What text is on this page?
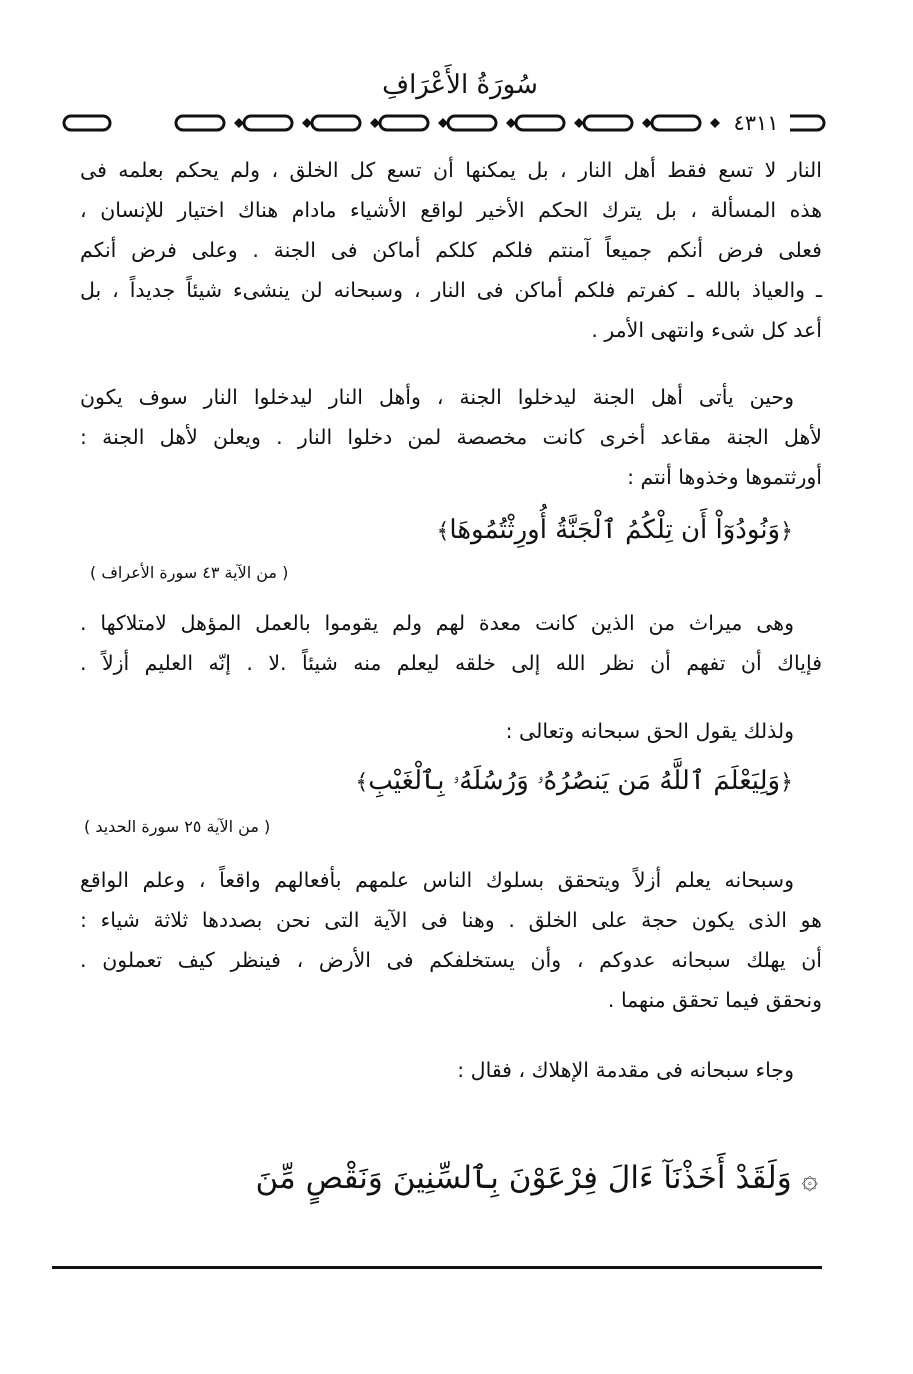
سُورَةُ الأَعْرَافِ
٤٣١١
النار لا تسع فقط أهل النار ، بل يمكنها أن تسع كل الخلق ، ولم يحكم بعلمه فى
هذه المسألة ، بل يترك الحكم الأخير لواقع الأشياء مادام هناك اختيار للإنسان ،
فعلى فرض أنكم جميعاً آمنتم فلكم كلكم أماكن فى الجنة . وعلى فرض أنكم
ـ والعياذ بالله ـ كفرتم فلكم أماكن فى النار ، وسبحانه لن ينشىء شيئاً جديداً ، بل
أعد كل شىء وانتهى الأمر .
وحين يأتى أهل الجنة ليدخلوا الجنة ، وأهل النار ليدخلوا النار سوف يكون
لأهل الجنة مقاعد أخرى كانت مخصصة لمن دخلوا النار . ويعلن لأهل الجنة :
أورثتموها وخذوها أنتم :
﴿وَنُودُوٓاْ أَن تِلْكُمُ ٱلْجَنَّةُ أُورِثْتُمُوهَا﴾
( من الآية ٤٣ سورة الأعراف )
وهى ميراث من الذين كانت معدة لهم ولم يقوموا بالعمل المؤهل لامتلاكها .
فإياك أن تفهم أن نظر الله إلى خلقه ليعلم منه شيئاً .لا . إنّه العليم أزلاً .
ولذلك يقول الحق سبحانه وتعالى :
﴿وَلِيَعْلَمَ ٱللَّهُ مَن يَنصُرُهُۥ وَرُسُلَهُۥ بِٱلْغَيْبِ﴾
( من الآية ٢٥ سورة الحديد )
وسبحانه يعلم أزلاً ويتحقق بسلوك الناس علمهم بأفعالهم واقعاً ، وعلم الواقع
هو الذى يكون حجة على الخلق . وهنا فى الآية التى نحن بصددها ثلاثة شياء :
أن يهلك سبحانه عدوكم ، وأن يستخلفكم فى الأرض ، فينظر كيف تعملون .
ونحقق فيما تحقق منهما .
وجاء سبحانه فى مقدمة الإهلاك ، فقال :
۞ وَلَقَدْ أَخَذْنَآ ءَالَ فِرْعَوْنَ بِٱلسِّنِينَ وَنَقْصٍ مِّنَ
